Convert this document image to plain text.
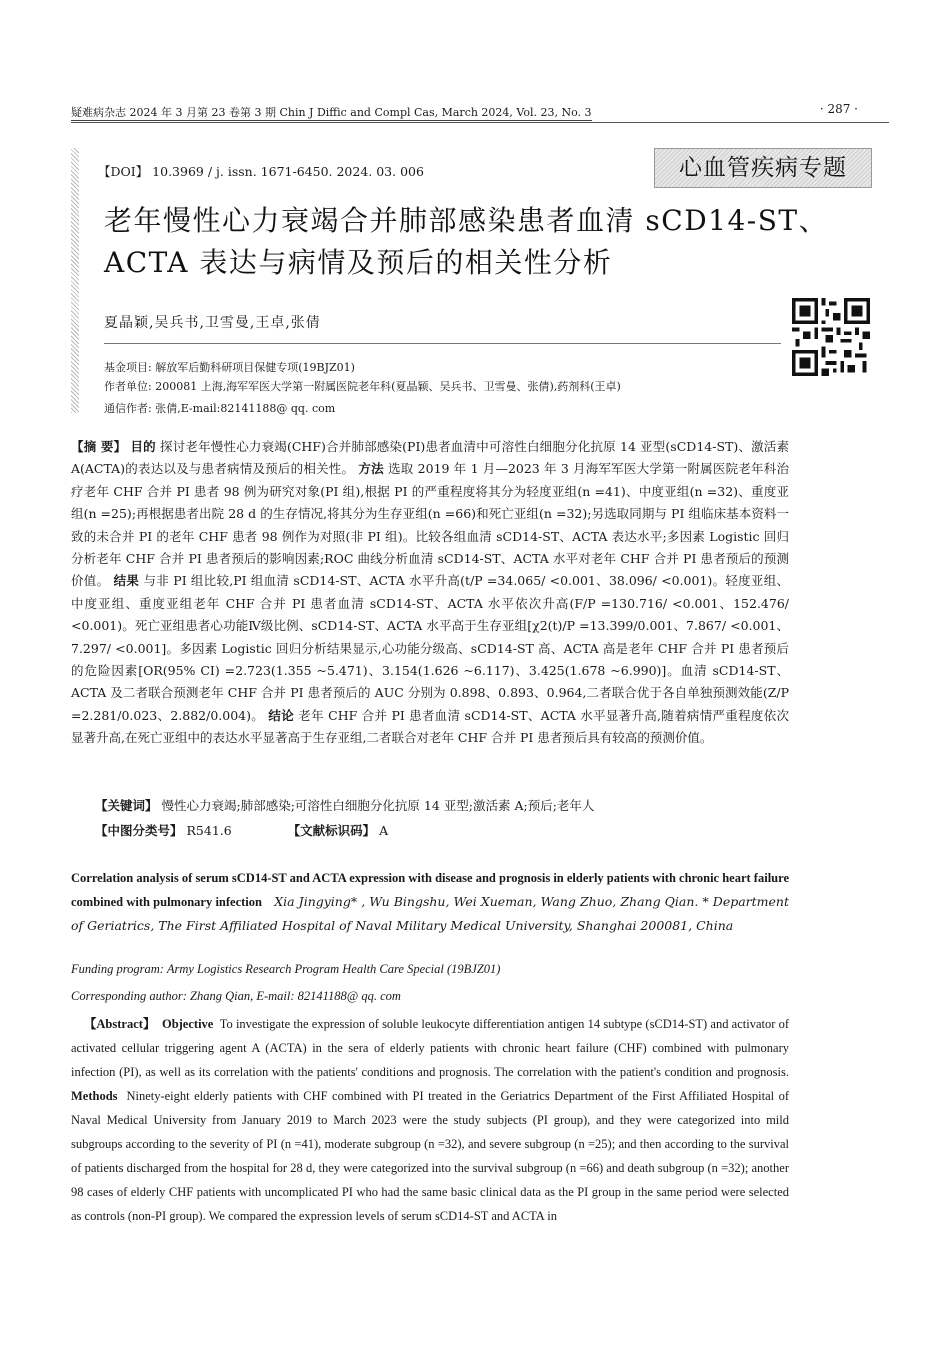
疑难病杂志 2024 年 3 月第 23 卷第 3 期 Chin J Diffic and Compl Cas, March 2024, Vol. 23, No. 3	· 287 ·
【DOI】 10.3969 / j. issn. 1671-6450. 2024. 03. 006	心血管疾病专题
老年慢性心力衰竭合并肺部感染患者血清 sCD14-ST、ACTA 表达与病情及预后的相关性分析
夏晶颖,吴兵书,卫雪曼,王卓,张倩
基金项目: 解放军后勤科研项目保健专项(19BJZ01)
作者单位: 200081 上海,海军军医大学第一附属医院老年科(夏晶颖、吴兵书、卫雪曼、张倩),药剂科(王卓)
通信作者: 张倩,E-mail:82141188@ qq. com
【摘 要】 目的 探讨老年慢性心力衰竭(CHF)合并肺部感染(PI)患者血清中可溶性白细胞分化抗原 14 亚型(sCD14-ST)、激活素 A(ACTA)的表达以及与患者病情及预后的相关性。 方法 选取 2019 年 1 月—2023 年 3 月海军军医大学第一附属医院老年科治疗老年 CHF 合并 PI 患者 98 例为研究对象(PI 组),根据 PI 的严重程度将其分为轻度亚组(n =41)、中度亚组(n =32)、重度亚组(n =25);再根据患者出院 28 d 的生存情况,将其分为生存亚组(n =66)和死亡亚组(n =32);另选取同期与 PI 组临床基本资料一致的未合并 PI 的老年 CHF 患者 98 例作为对照(非 PI 组)。比较各组血清 sCD14-ST、ACTA 表达水平;多因素 Logistic 回归分析老年 CHF 合并 PI 患者预后的影响因素;ROC 曲线分析血清 sCD14-ST、ACTA 水平对老年 CHF 合并 PI 患者预后的预测价值。 结果 与非 PI 组比较,PI 组血清 sCD14-ST、ACTA 水平升高(t/P =34.065/ <0.001、38.096/ <0.001)。轻度亚组、中度亚组、重度亚组老年 CHF 合并 PI 患者血清 sCD14-ST、ACTA 水平依次升高(F/P =130.716/ <0.001、152.476/ <0.001)。死亡亚组患者心功能Ⅳ级比例、sCD14-ST、ACTA 水平高于生存亚组[χ2(t)/P =13.399/0.001、7.867/ <0.001、7.297/ <0.001]。多因素 Logistic 回归分析结果显示,心功能分级高、sCD14-ST 高、ACTA 高是老年 CHF 合并 PI 患者预后的危险因素[OR(95% CI) =2.723(1.355 ~5.471)、3.154(1.626 ~6.117)、3.425(1.678 ~6.990)]。血清 sCD14-ST、ACTA 及二者联合预测老年 CHF 合并 PI 患者预后的 AUC 分别为 0.898、0.893、0.964,二者联合优于各自单独预测效能(Z/P =2.281/0.023、2.882/0.004)。 结论 老年 CHF 合并 PI 患者血清 sCD14-ST、ACTA 水平显著升高,随着病情严重程度依次显著升高,在死亡亚组中的表达水平显著高于生存亚组,二者联合对老年 CHF 合并 PI 患者预后具有较高的预测价值。
【关键词】 慢性心力衰竭;肺部感染;可溶性白细胞分化抗原 14 亚型;激活素 A;预后;老年人
【中图分类号】 R541.6	【文献标识码】 A
Correlation analysis of serum sCD14-ST and ACTA expression with disease and prognosis in elderly patients with chronic heart failure combined with pulmonary infection Xia Jingying* , Wu Bingshu, Wei Xueman, Wang Zhuo, Zhang Qian. * Department of Geriatrics, The First Affiliated Hospital of Naval Military Medical University, Shanghai 200081, China
Funding program: Army Logistics Research Program Health Care Special (19BJZ01)
Corresponding author: Zhang Qian, E-mail: 82141188@ qq. com
【Abstract】 Objective To investigate the expression of soluble leukocyte differentiation antigen 14 subtype (sCD14-ST) and activator of activated cellular triggering agent A (ACTA) in the sera of elderly patients with chronic heart failure (CHF) combined with pulmonary infection (PI), as well as its correlation with the patients' conditions and prognosis. The correlation with the patient's condition and prognosis. Methods Ninety-eight elderly patients with CHF combined with PI treated in the Geriatrics Department of the First Affiliated Hospital of Naval Medical University from January 2019 to March 2023 were the study subjects (PI group), and they were categorized into mild subgroups according to the severity of PI (n =41), moderate subgroup (n =32), and severe subgroup (n =25); and then according to the survival of patients discharged from the hospital for 28 d, they were categorized into the survival subgroup (n =66) and death subgroup (n =32); another 98 cases of elderly CHF patients with uncomplicated PI who had the same basic clinical data as the PI group in the same period were selected as controls (non-PI group). We compared the expression levels of serum sCD14-ST and ACTA in
